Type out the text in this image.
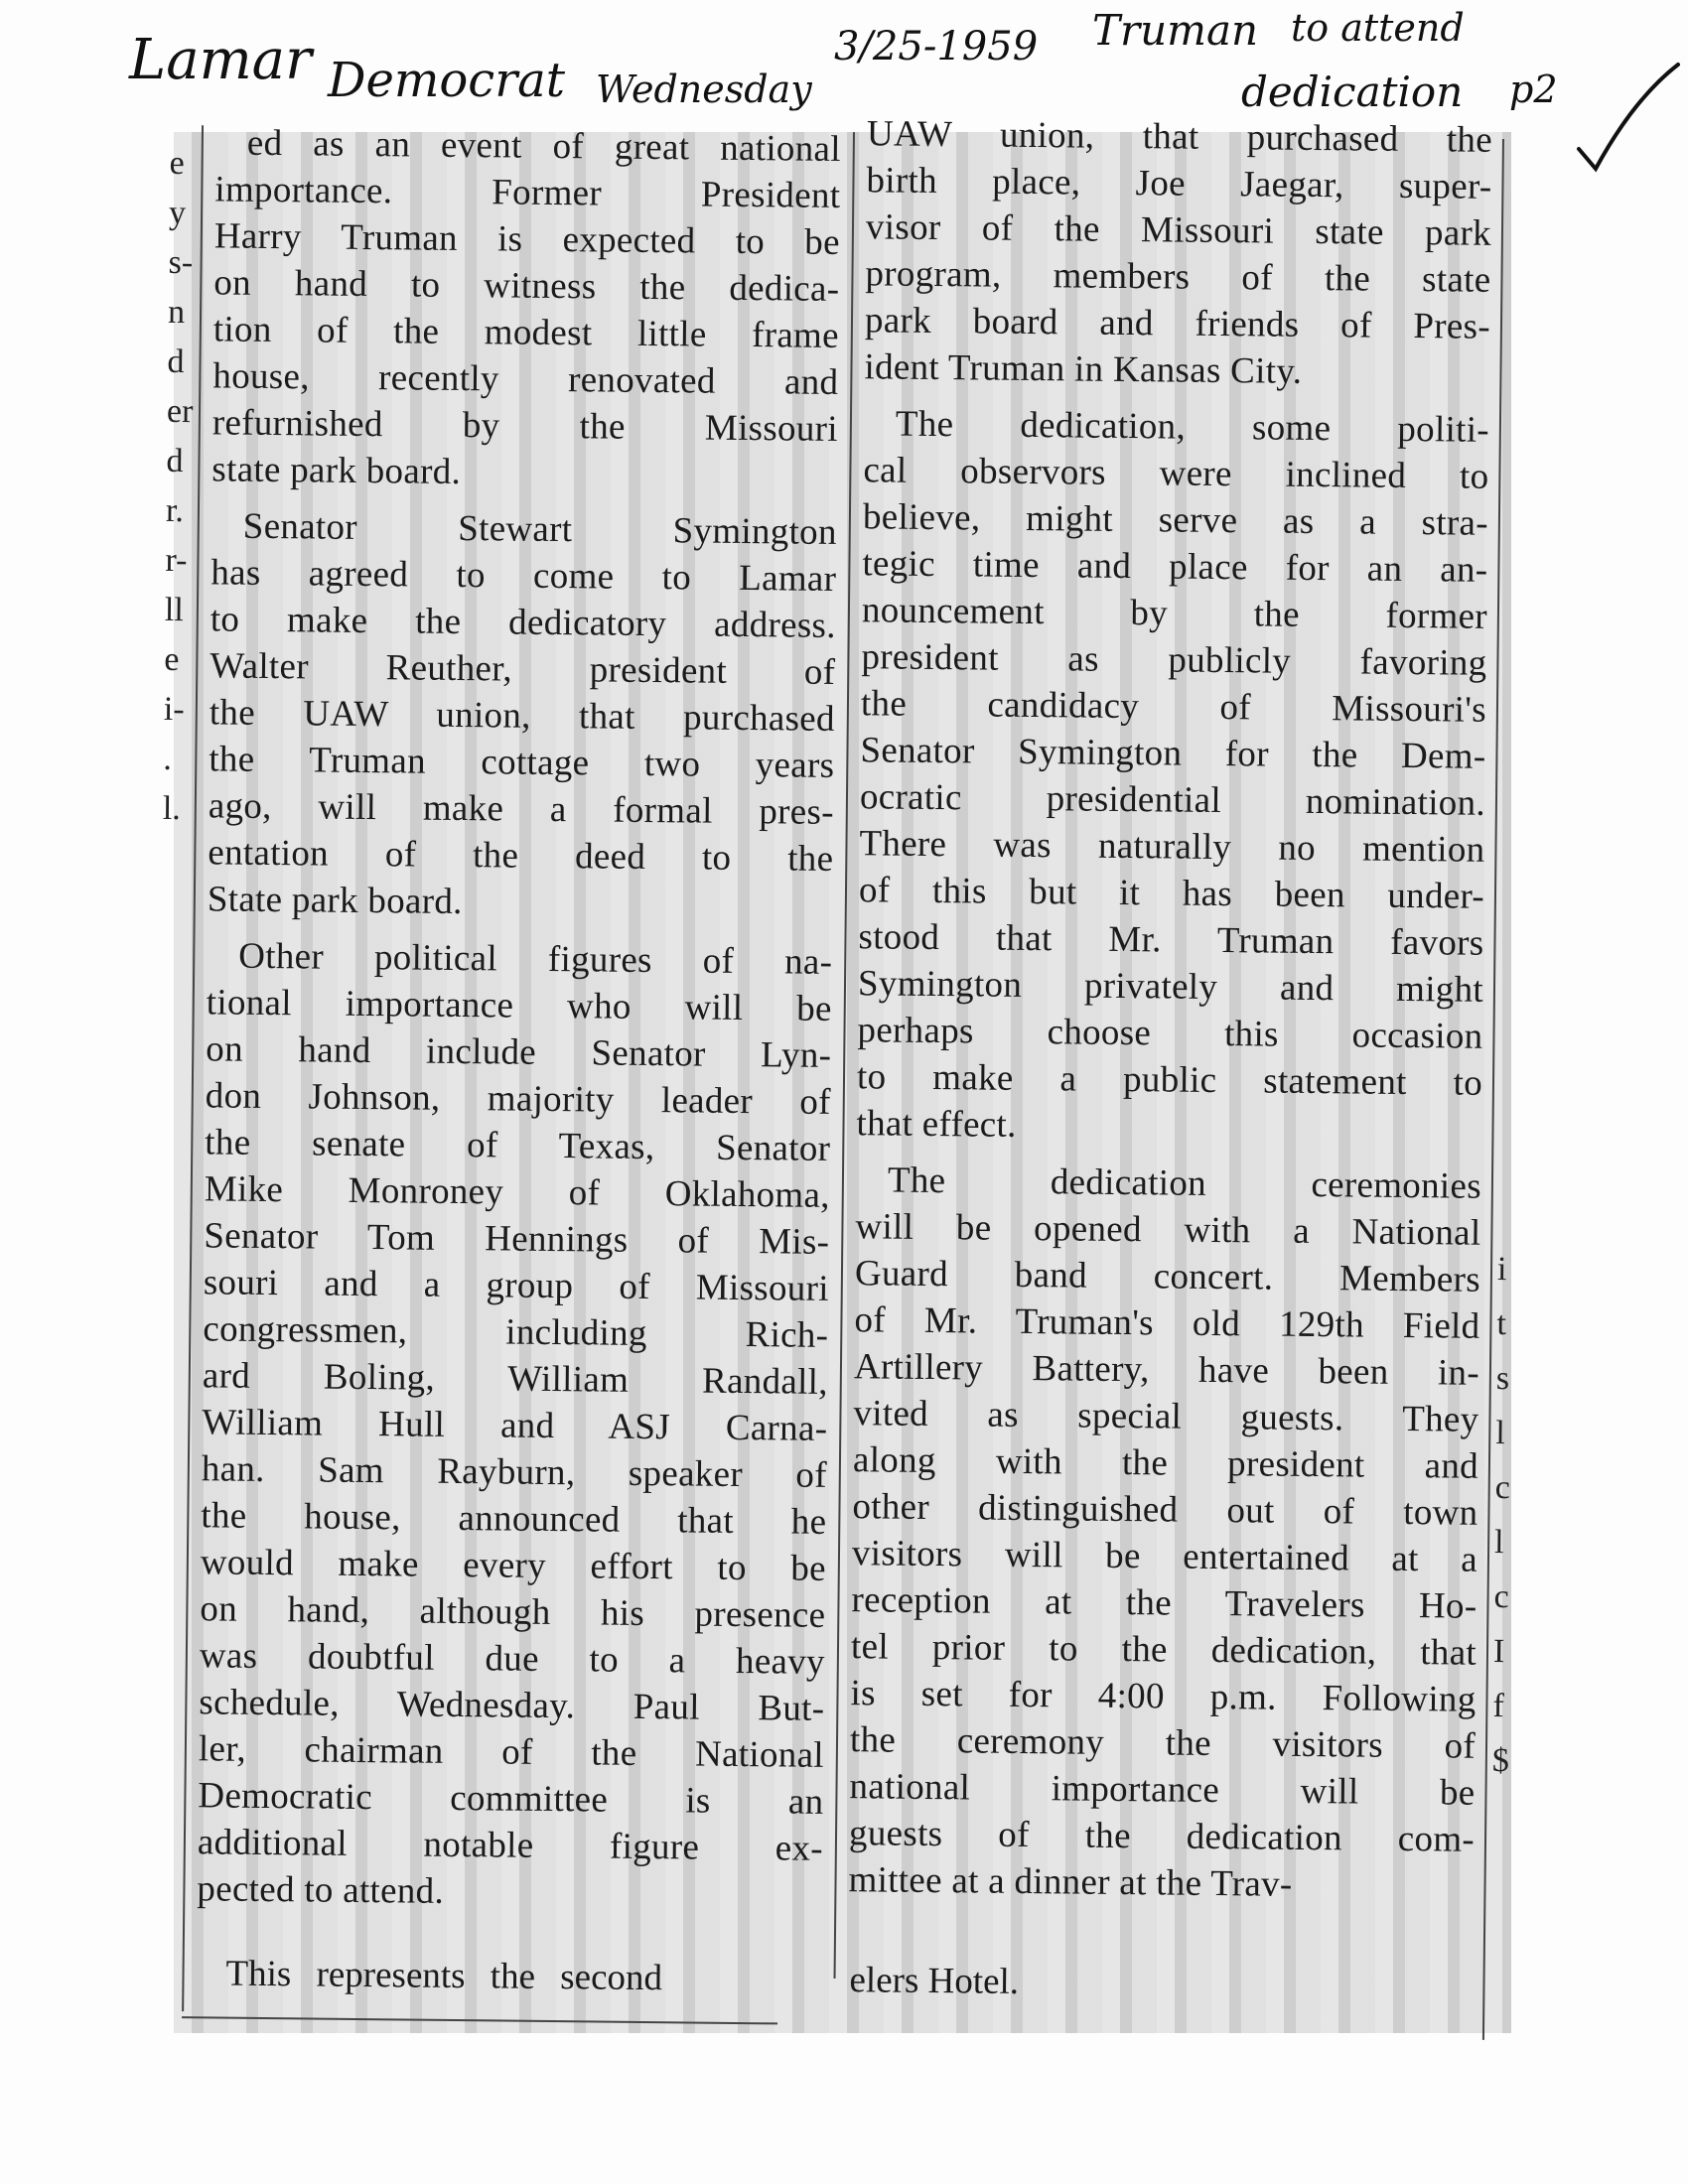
Lamar Democrat Wednesday
3/25-1959 Truman to attend
dedication p2
e
y
s-
n
d
er
d
r.
r-
ll
e
i-
.
l.
i
t
s
l
c
l
c
I
f
$
ed as an event of great national
importance. Former President
Harry Truman is expected to be
on hand to witness the dedica-
tion of the modest little frame
house, recently renovated and
refurnished by the Missouri
state park board.
Senator Stewart Symington
has agreed to come to Lamar
to make the dedicatory address.
Walter Reuther, president of
the UAW union, that purchased
the Truman cottage two years
ago, will make a formal pres-
entation of the deed to the
State park board.
Other political figures of na-
tional importance who will be
on hand include Senator Lyn-
don Johnson, majority leader of
the senate of Texas, Senator
Mike Monroney of Oklahoma,
Senator Tom Hennings of Mis-
souri and a group of Missouri
congressmen, including Rich-
ard Boling, William Randall,
William Hull and ASJ Carna-
han. Sam Rayburn, speaker of
the house, announced that he
would make every effort to be
on hand, although his presence
was doubtful due to a heavy
schedule, Wednesday. Paul But-
ler, chairman of the National
Democratic committee is an
additional notable figure ex-
pected to attend.
UAW union, that purchased the
birth place, Joe Jaegar, super-
visor of the Missouri state park
program, members of the state
park board and friends of Pres-
ident Truman in Kansas City.
The dedication, some politi-
cal observors were inclined to
believe, might serve as a stra-
tegic time and place for an an-
nouncement by the former
president as publicly favoring
the candidacy of Missouri's
Senator Symington for the Dem-
ocratic presidential nomination.
There was naturally no mention
of this but it has been under-
stood that Mr. Truman favors
Symington privately and might
perhaps choose this occasion
to make a public statement to
that effect.
The dedication ceremonies
will be opened with a National
Guard band concert. Members
of Mr. Truman's old 129th Field
Artillery Battery, have been in-
vited as special guests. They
along with the president and
other distinguished out of town
visitors will be entertained at a
reception at the Travelers Ho-
tel prior to the dedication, that
is set for 4:00 p.m. Following
the ceremony the visitors of
national importance will be
guests of the dedication com-
mittee at a dinner at the Trav-
This represents the second	elers Hotel.
